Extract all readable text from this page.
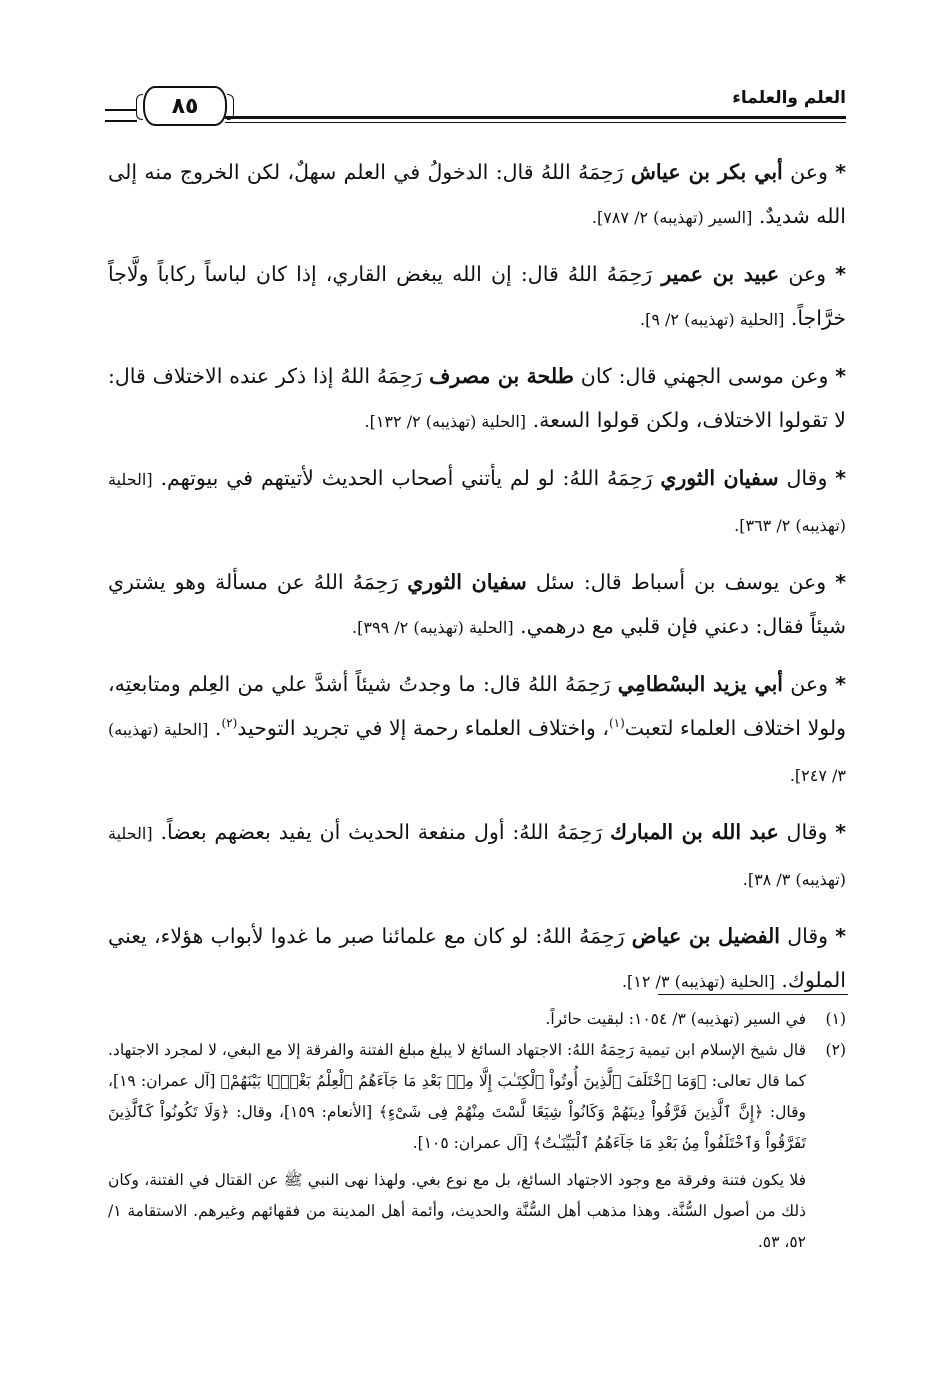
العلم والعلماء
٨٥

* وعن أبي بكر بن عياش رَحِمَهُ اللهُ قال: الدخولُ في العلم سهلٌ، لكن الخروج منه إلى الله شديدٌ. [السير (تهذيبه) ٢/ ٧٨٧].

* وعن عبيد بن عمير رَحِمَهُ اللهُ قال: إن الله يبغض القاري، إذا كان لباساً ركاباً ولَّاجاً خرَّاجاً. [الحلية (تهذيبه) ٢/ ٩].

* وعن موسى الجهني قال: كان طلحة بن مصرف رَحِمَهُ اللهُ إذا ذكر عنده الاختلاف قال: لا تقولوا الاختلاف، ولكن قولوا السعة. [الحلية (تهذيبه) ٢/ ١٣٢].

* وقال سفيان الثوري رَحِمَهُ اللهُ: لو لم يأتني أصحاب الحديث لأتيتهم في بيوتهم. [الحلية (تهذيبه) ٢/ ٣٦٣].

* وعن يوسف بن أسباط قال: سئل سفيان الثوري رَحِمَهُ اللهُ عن مسألة وهو يشتري شيئاً فقال: دعني فإن قلبي مع درهمي. [الحلية (تهذيبه) ٢/ ٣٩٩].

* وعن أبي يزيد البسْطامِي رَحِمَهُ اللهُ قال: ما وجدتُ شيئاً أشدَّ علي من العِلم ومتابعتِه، ولولا اختلاف العلماء لتعبت$^{(١)}$، واختلاف العلماء رحمة إلا في تجريد التوحيد$^{(٢)}$. [الحلية (تهذيبه) ٣/ ٢٤٧].

* وقال عبد الله بن المبارك رَحِمَهُ اللهُ: أول منفعة الحديث أن يفيد بعضهم بعضاً. [الحلية (تهذيبه) ٣/ ٣٨].

* وقال الفضيل بن عياض رَحِمَهُ اللهُ: لو كان مع علمائنا صبر ما غدوا لأبواب هؤلاء، يعني الملوك. [الحلية (تهذيبه) ٣/ ١٢].

(١)
في السير (تهذيبه) ٣/ ١٠٥٤: لبقيت حائراً.
(٢)
قال شيخ الإسلام ابن تيمية رَحِمَهُ اللهُ: الاجتهاد السائغ لا يبلغ مبلغ الفتنة والفرقة إلا مع البغي، لا لمجرد الاجتهاد. كما قال تعالى: ﴿وَمَا ٱخْتَلَفَ ٱلَّذِينَ أُوتُواْ ٱلْكِتَـٰبَ إِلَّا مِنۢ بَعْدِ مَا جَآءَهُمُ ٱلْعِلْمُ بَغْيًۢا بَيْنَهُمْ﴾ [آل عمران: ١٩]، وقال: ﴿إِنَّ ٱلَّذِينَ فَرَّقُواْ دِينَهُمْ وَكَانُواْ شِيَعًا لَّسْتَ مِنْهُمْ فِى شَىْءٍ﴾ [الأنعام: ١٥٩]، وقال: ﴿وَلَا تَكُونُواْ كَٱلَّذِينَ تَفَرَّقُواْ وَٱخْتَلَفُواْ مِنۢ بَعْدِ مَا جَآءَهُمُ ٱلْبَيِّنَـٰتُ﴾ [آل عمران: ١٠٥].
فلا يكون فتنة وفرقة مع وجود الاجتهاد السائغ، بل مع نوع بغي. ولهذا نهى النبي ﷺ عن القتال في الفتنة، وكان ذلك من أصول السُّنَّة. وهذا مذهب أهل السُّنَّة والحديث، وأئمة أهل المدينة من فقهائهم وغيرهم. الاستقامة ١/ ٥٢، ٥٣.
